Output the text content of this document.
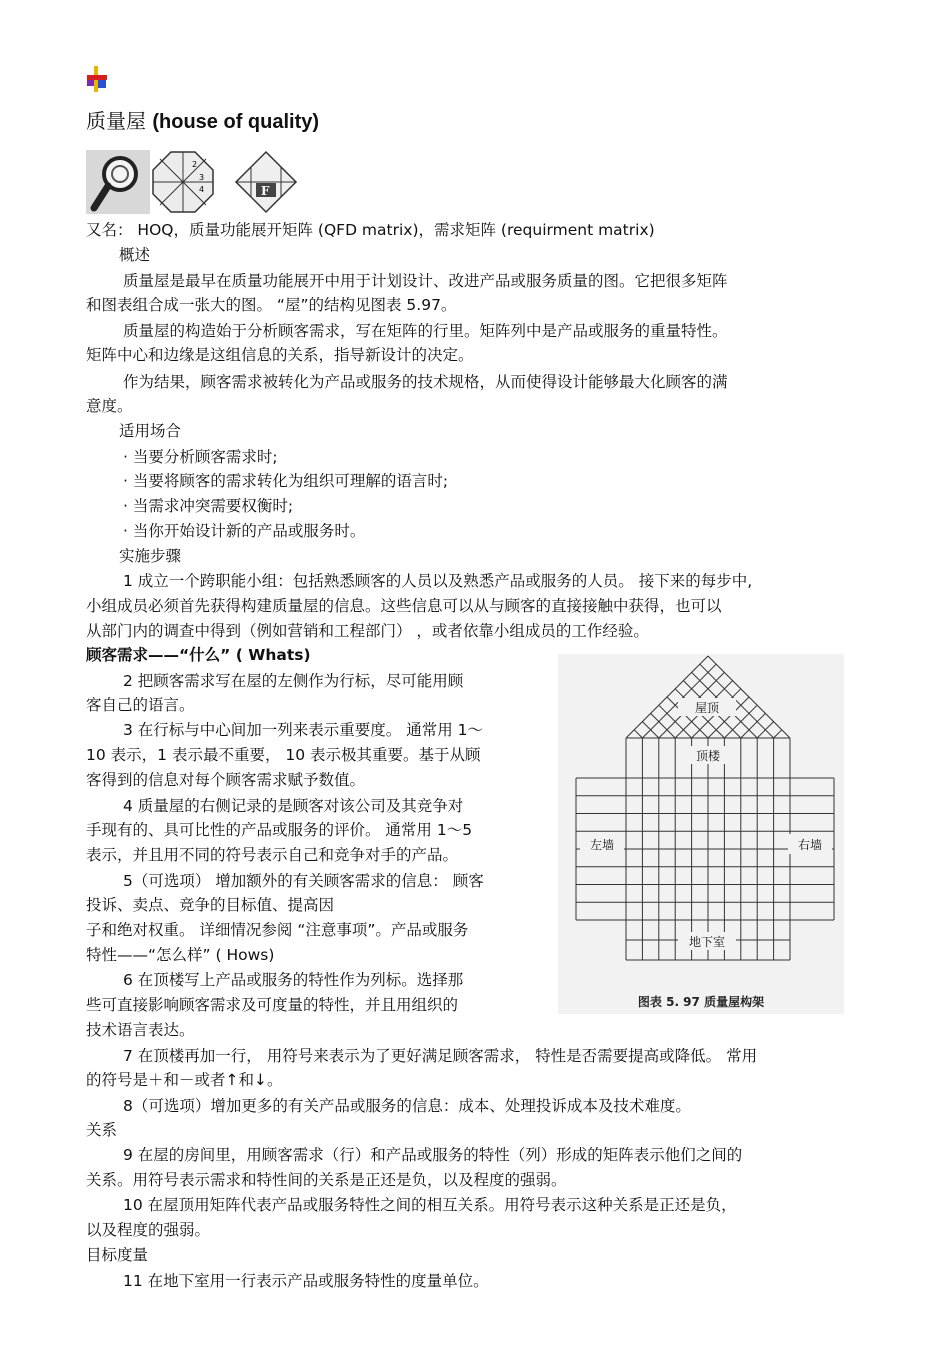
质量屋 (house of quality)
2
3
4	F
又名： HOQ，质量功能展开矩阵 (QFD matrix)，需求矩阵 (requirment matrix)
概述
质量屋是最早在质量功能展开中用于计划设计、改进产品或服务质量的图。它把很多矩阵
和图表组合成一张大的图。 “屋”的结构见图表 5.97。
质量屋的构造始于分析顾客需求，写在矩阵的行里。矩阵列中是产品或服务的重量特性。
矩阵中心和边缘是这组信息的关系，指导新设计的决定。
作为结果，顾客需求被转化为产品或服务的技术规格，从而使得设计能够最大化顾客的满
意度。
适用场合
· 当要分析顾客需求时;
· 当要将顾客的需求转化为组织可理解的语言时;
· 当需求冲突需要权衡时;
· 当你开始设计新的产品或服务时。
实施步骤
1 成立一个跨职能小组：包括熟悉顾客的人员以及熟悉产品或服务的人员。 接下来的每步中,
小组成员必须首先获得构建质量屋的信息。这些信息可以从与顾客的直接接触中获得，也可以
从部门内的调查中得到（例如营销和工程部门） ，或者依靠小组成员的工作经验。
顾客需求——“什么” ( Whats)
2 把顾客需求写在屋的左侧作为行标，尽可能用顾
客自己的语言。
3 在行标与中心间加一列来表示重要度。 通常用 1～
10 表示，1 表示最不重要， 10 表示极其重要。基于从顾
客得到的信息对每个顾客需求赋予数值。
4 质量屋的右侧记录的是顾客对该公司及其竞争对
手现有的、具可比性的产品或服务的评价。 通常用 1～5
表示，并且用不同的符号表示自己和竞争对手的产品。
5（可选项） 增加额外的有关顾客需求的信息： 顾客
投诉、卖点、竞争的目标值、提高因
子和绝对权重。 详细情况参阅 “注意事项”。产品或服务
特性——“怎么样” ( Hows)
6 在顶楼写上产品或服务的特性作为列标。选择那
些可直接影响顾客需求及可度量的特性，并且用组织的
技术语言表达。
7 在顶楼再加一行， 用符号来表示为了更好满足顾客需求， 特性是否需要提高或降低。 常用
的符号是＋和－或者↑和↓。
8（可选项）增加更多的有关产品或服务的信息：成本、处理投诉成本及技术难度。
关系
9 在屋的房间里，用顾客需求（行）和产品或服务的特性（列）形成的矩阵表示他们之间的
关系。用符号表示需求和特性间的关系是正还是负，以及程度的强弱。
10 在屋顶用矩阵代表产品或服务特性之间的相互关系。用符号表示这种关系是正还是负，
以及程度的强弱。
目标度量
11 在地下室用一行表示产品或服务特性的度量单位。
屋顶
顶楼
左墙	右墙
地下室
图表 5. 97 质量屋构架
